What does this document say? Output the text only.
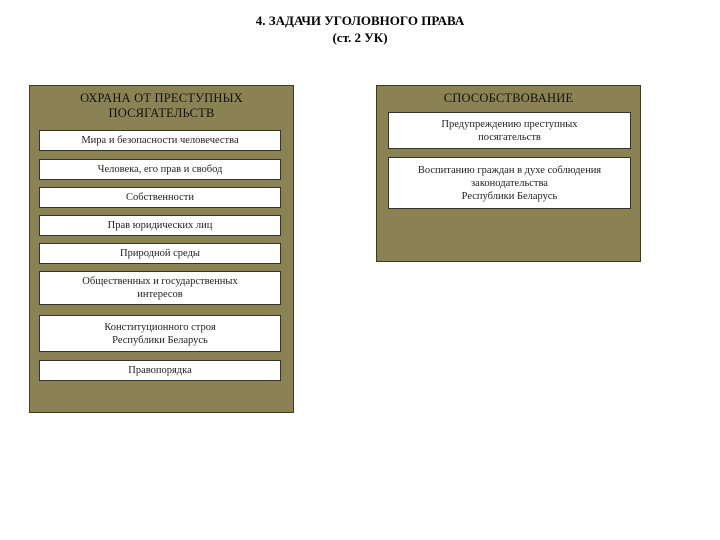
4. ЗАДАЧИ УГОЛОВНОГО ПРАВА
(ст. 2 УК)
ОХРАНА ОТ ПРЕСТУПНЫХ
ПОСЯГАТЕЛЬСТВ
Мира и безопасности человечества
Человека, его прав и свобод
Собственности
Прав юридических лиц
Природной среды
Общественных и государственных
интересов
Конституционного строя
Республики Беларусь
Правопорядка
СПОСОБСТВОВАНИЕ
Предупреждению преступных
посягательств
Воспитанию граждан в духе соблюдения
законодательства
Республики Беларусь
